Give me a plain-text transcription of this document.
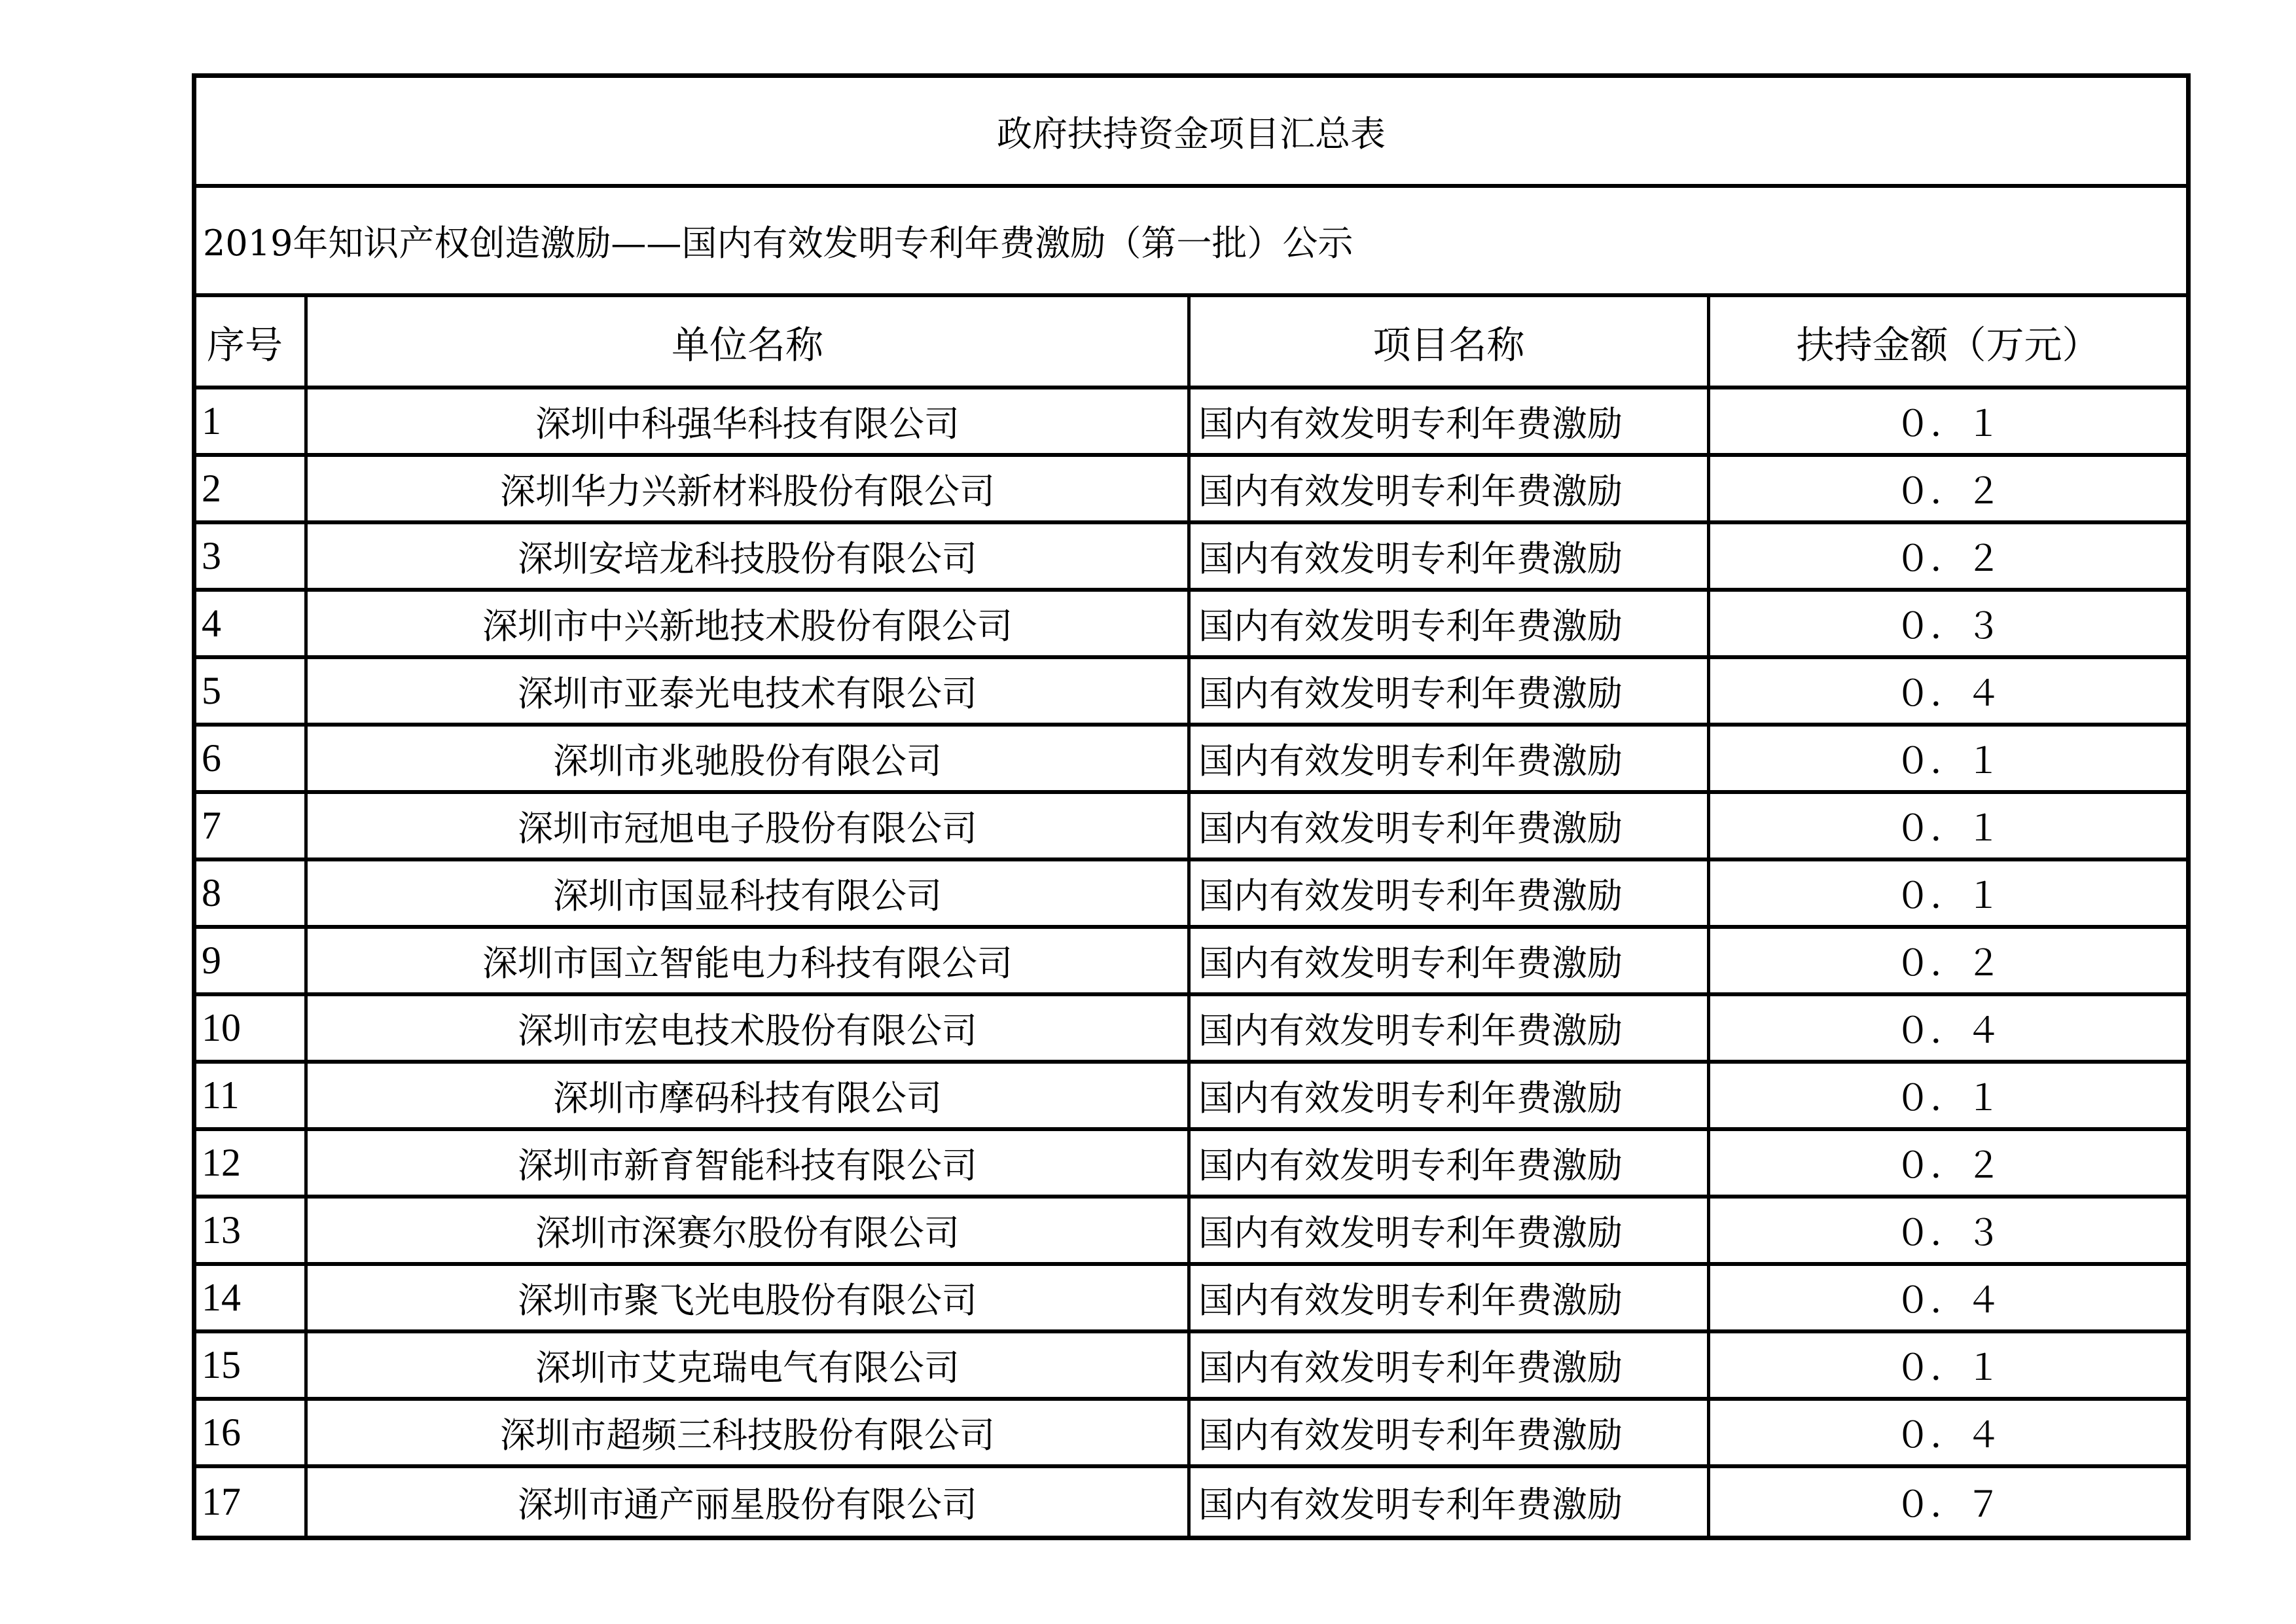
政府扶持资金项目汇总表
2019年知识产权创造激励——国内有效发明专利年费激励（第一批）公示
序号	单位名称	项目名称	扶持金额（万元）
1	深圳中科强华科技有限公司	国内有效发明专利年费激励	０．１
2	深圳华力兴新材料股份有限公司	国内有效发明专利年费激励	０．２
3	深圳安培龙科技股份有限公司	国内有效发明专利年费激励	０．２
4	深圳市中兴新地技术股份有限公司	国内有效发明专利年费激励	０．３
5	深圳市亚泰光电技术有限公司	国内有效发明专利年费激励	０．４
6	深圳市兆驰股份有限公司	国内有效发明专利年费激励	０．１
7	深圳市冠旭电子股份有限公司	国内有效发明专利年费激励	０．１
8	深圳市国显科技有限公司	国内有效发明专利年费激励	０．１
9	深圳市国立智能电力科技有限公司	国内有效发明专利年费激励	０．２
10	深圳市宏电技术股份有限公司	国内有效发明专利年费激励	０．４
11	深圳市摩码科技有限公司	国内有效发明专利年费激励	０．１
12	深圳市新育智能科技有限公司	国内有效发明专利年费激励	０．２
13	深圳市深赛尔股份有限公司	国内有效发明专利年费激励	０．３
14	深圳市聚飞光电股份有限公司	国内有效发明专利年费激励	０．４
15	深圳市艾克瑞电气有限公司	国内有效发明专利年费激励	０．１
16	深圳市超频三科技股份有限公司	国内有效发明专利年费激励	０．４
17	深圳市通产丽星股份有限公司	国内有效发明专利年费激励	０．７
